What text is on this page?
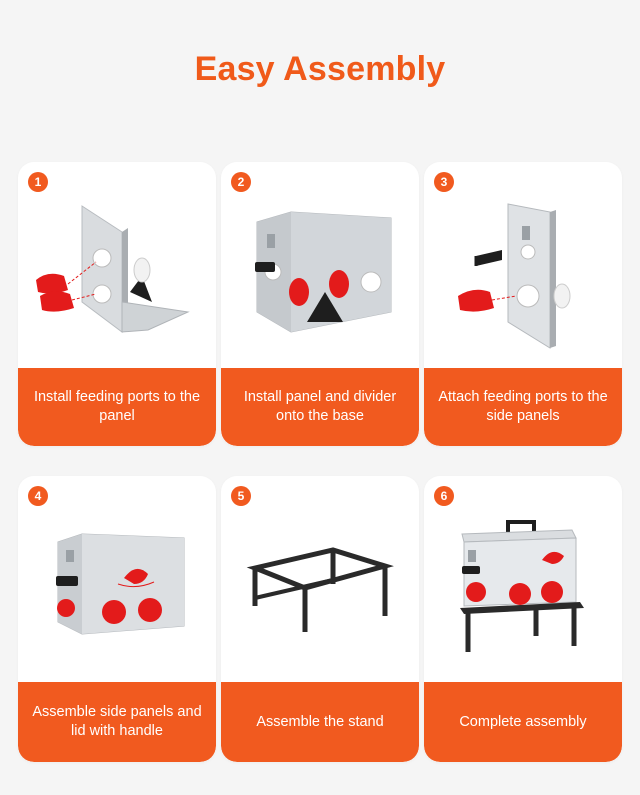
Easy Assembly
1
Install feeding ports to the panel
2
Install panel and divider onto the base
3
Attach feeding ports to the side panels
4
Assemble side panels and lid with handle
5
Assemble the stand
6
Complete assembly
